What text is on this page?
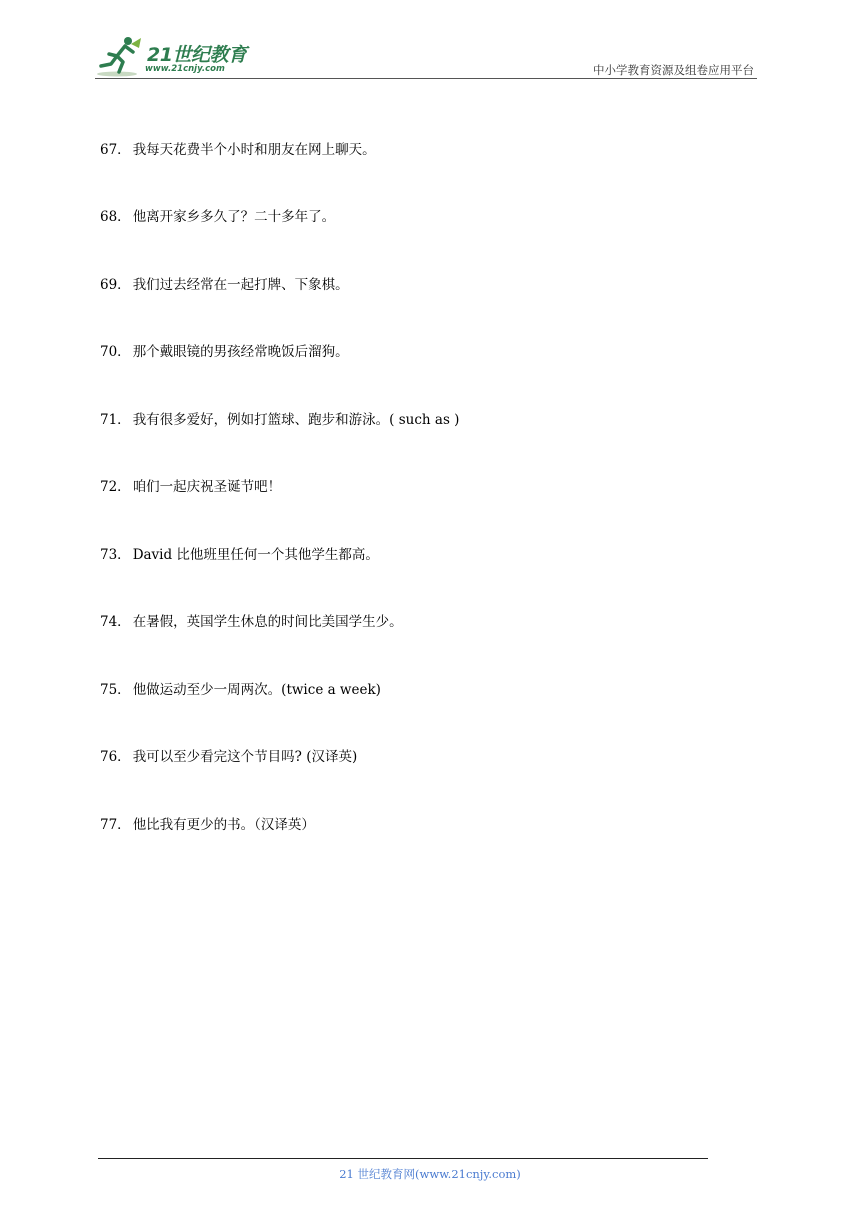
21世纪教育
www.21cnjy.com	中小学教育资源及组卷应用平台
67． 我每天花费半个小时和朋友在网上聊天。
68． 他离开家乡多久了？二十多年了。
69． 我们过去经常在一起打牌、下象棋。
70． 那个戴眼镜的男孩经常晚饭后溜狗。
71． 我有很多爱好，例如打篮球、跑步和游泳。( such as )
72． 咱们一起庆祝圣诞节吧！
73． David 比他班里任何一个其他学生都高。
74． 在暑假，英国学生休息的时间比美国学生少。
75． 他做运动至少一周两次。(twice a week)
76． 我可以至少看完这个节目吗? (汉译英)
77． 他比我有更少的书。（汉译英）
21 世纪教育网(www.21cnjy.com)
